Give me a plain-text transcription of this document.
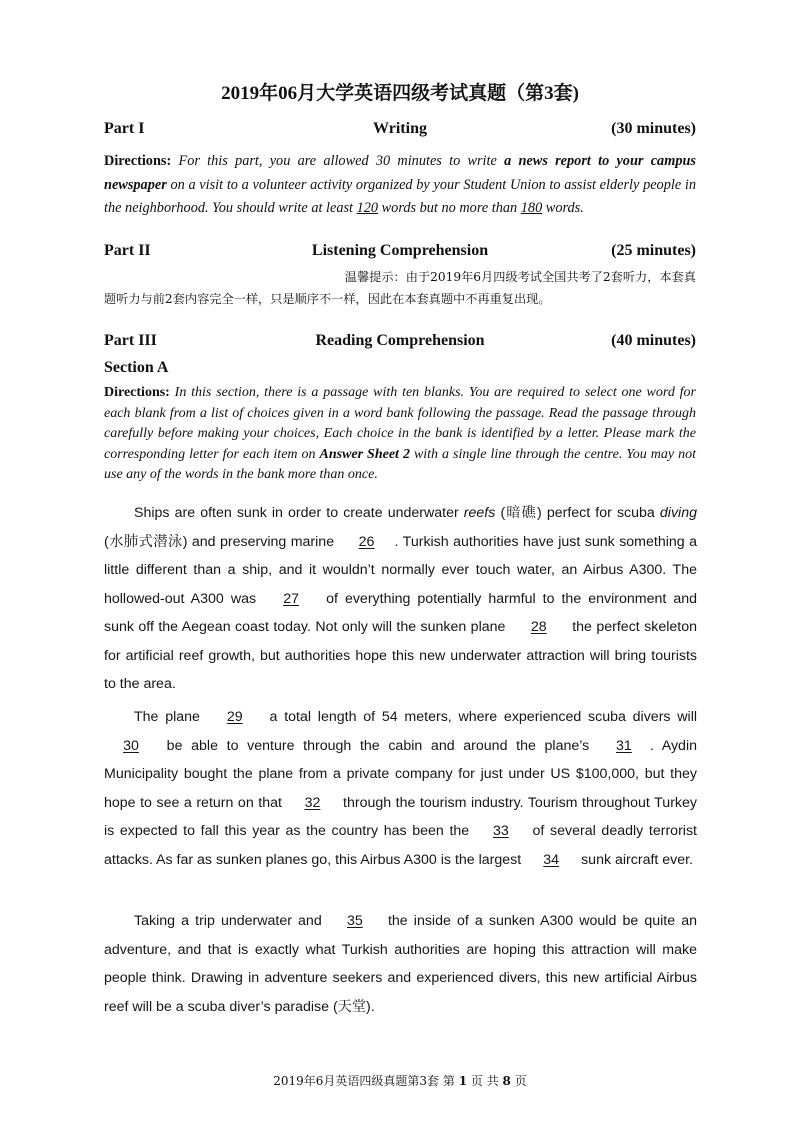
2019年06月大学英语四级考试真题（第3套)
Part I	Writing	(30 minutes)
Directions: For this part, you are allowed 30 minutes to write a news report to your campus newspaper on a visit to a volunteer activity organized by your Student Union to assist elderly people in the neighborhood. You should write at least 120 words but no more than 180 words.
Part II	Listening Comprehension	(25 minutes)
温馨提示：由于2019年6月四级考试全国共考了2套听力，本套真
题听力与前2套内容完全一样，只是顺序不一样，因此在本套真题中不再重复出现。
Part III	Reading Comprehension	(40 minutes)
Section A
Directions: In this section, there is a passage with ten blanks. You are required to select one word for each blank from a list of choices given in a word bank following the passage. Read the passage through carefully before making your choices, Each choice in the bank is identified by a letter. Please mark the corresponding letter for each item on Answer Sheet 2 with a single line through the centre. You may not use any of the words in the bank more than once.
Ships are often sunk in order to create underwater reefs (暗礁) perfect for scuba diving (水肺式潜泳) and preserving marine 26 . Turkish authorities have just sunk something a little different than a ship, and it wouldn’t normally ever touch water, an Airbus A300. The hollowed-out A300 was 27 of everything potentially harmful to the environment and sunk off the Aegean coast today. Not only will the sunken plane 28 the perfect skeleton for artificial reef growth, but authorities hope this new underwater attraction will bring tourists to the area.
The plane 29 a total length of 54 meters, where experienced scuba divers will 30 be able to venture through the cabin and around the plane’s 31 . Aydin Municipality bought the plane from a private company for just under US $100,000, but they hope to see a return on that 32 through the tourism industry. Tourism throughout Turkey is expected to fall this year as the country has been the 33 of several deadly terrorist attacks. As far as sunken planes go, this Airbus A300 is the largest 34 sunk aircraft ever.
Taking a trip underwater and 35 the inside of a sunken A300 would be quite an adventure, and that is exactly what Turkish authorities are hoping this attraction will make people think. Drawing in adventure seekers and experienced divers, this new artificial Airbus reef will be a scuba diver’s paradise (天堂).
2019年6月英语四级真题第3套 第 1 页 共 8 页
